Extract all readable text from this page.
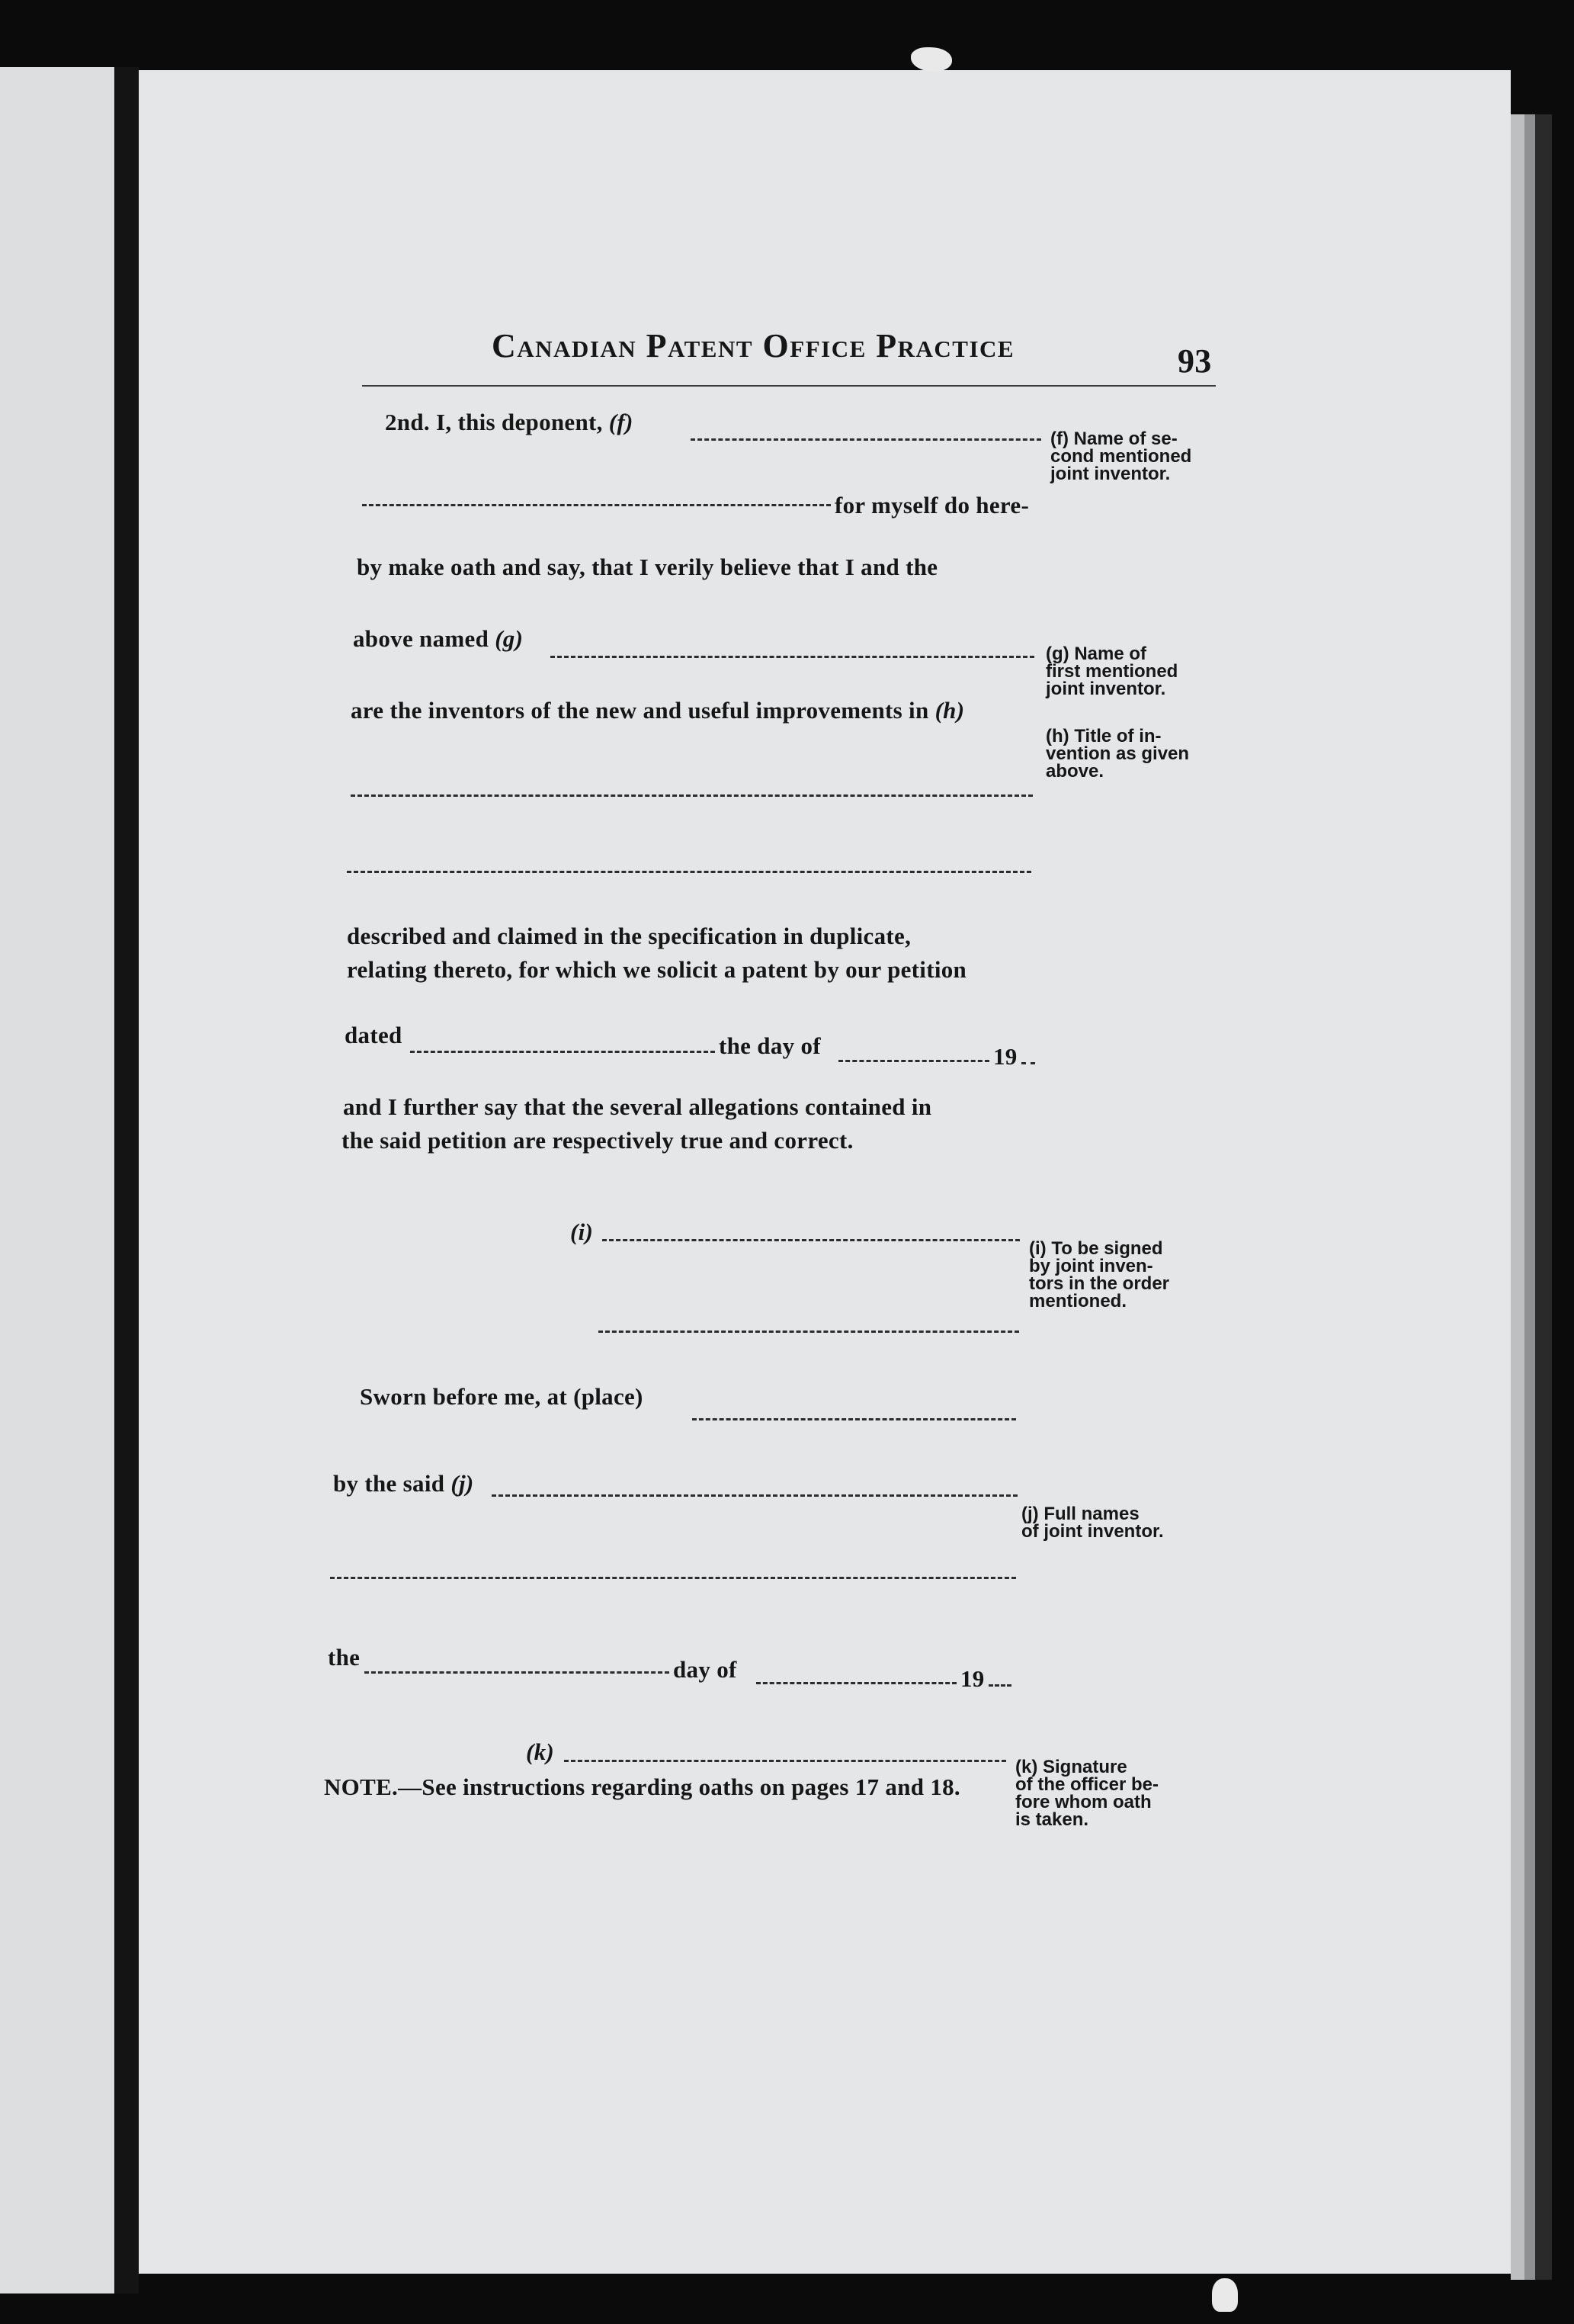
Canadian Patent Office Practice	93
2nd. I, this deponent, (f)
for myself do here-
by make oath and say, that I verily believe that I and the
above named (g)
are the inventors of the new and useful improvements in (h)
described and claimed in the specification in duplicate,
relating thereto, for which we solicit a patent by our petition
dated	the day of	19
and I further say that the several allegations contained in
the said petition are respectively true and correct.
(i)
Sworn before me, at (place)
by the said (j)
the	day of	19
(k)
NOTE.—See instructions regarding oaths on pages 17 and 18.
(f) Name of se-
cond mentioned
joint inventor.
(g) Name of
first mentioned
joint inventor.
(h) Title of in-
vention as given
above.
(i) To be signed
by joint inven-
tors in the order
mentioned.
(j) Full names
of joint inventor.
(k) Signature
of the officer be-
fore whom oath
is taken.
